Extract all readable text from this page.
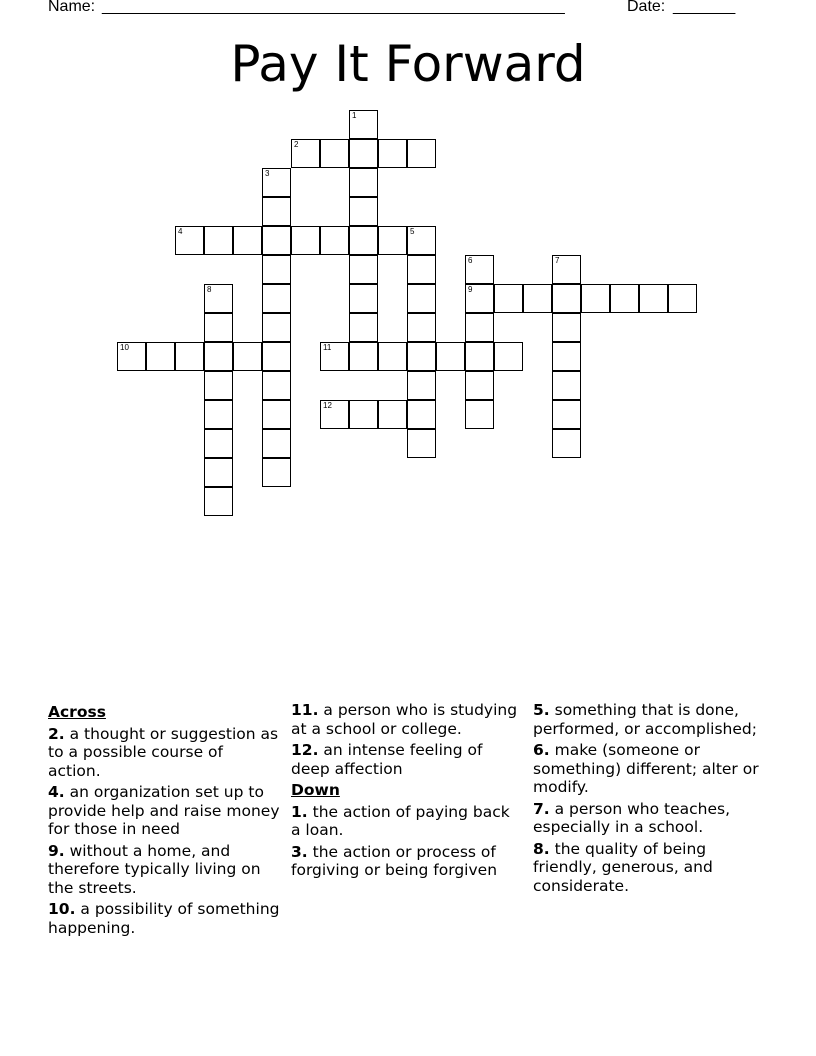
Name: ____________________________________________________	Date: _______
Pay It Forward
1
2
3
4	5
6
9
7
8
10	11
12
Across
2. a thought or suggestion as to a possible course of action.
4. an organization set up to provide help and raise money for those in need
9. without a home, and therefore typically living on the streets.
10. a possibility of something happening.
11. a person who is studying at a school or college.
12. an intense feeling of deep affection
Down
1. the action of paying back a loan.
3. the action or process of forgiving or being forgiven
5. something that is done, performed, or accomplished;
6. make (someone or something) different; alter or modify.
7. a person who teaches, especially in a school.
8. the quality of being friendly, generous, and considerate.
